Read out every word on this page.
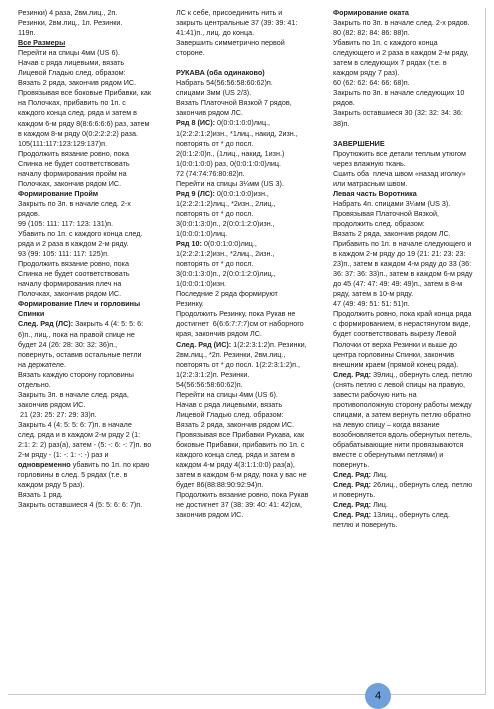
Резинки) 4 раза, 2вм.лиц., 2п.

Резинки, 2вм.лиц., 1п. Резинки.

119п.

Все Размеры

Перейти на спицы 4мм (US 6).

Начав с ряда лицевыми, вязать

Лицевой Гладью след. образом:

Вязать 2 ряда, закончив рядом ИС.

Провязывая все боковые Прибавки, как

на Полочках, прибавить по 1п. с

каждого конца след. ряда и затем в

каждом 6-м ряду 8(8:6:6:6:6) раз, затем

в каждом 8-м ряду 0(0:2:2:2:2) раза.

105(111:117:123:129:137)п.

Продолжить вязание ровно, пока

Спинка не будет соответствовать

началу формирования пройм на

Полочках, закончив рядом ИС.

Формирование Пройм

Закрыть по 3п. в начале след. 2-х

рядов.

99 (105: 111: 117: 123: 131)п.

Убавить по 1п. с каждого конца след.

ряда и 2 раза в каждом 2-м ряду.

93 (99: 105: 111: 117: 125)п.

Продолжить вязание ровно, пока

Спинка не будет соответствовать

началу формирования плеч на

Полочках, закончив рядом ИС.

Формирование Плеч и горловины

Спинки

След. Ряд (ЛС): Закрыть 4 (4: 5: 5: 6:

6)п., лиц., пока на правой спице не

будет 24 (26: 28: 30: 32: 36)п.,

повернуть, оставив остальные петли

на держателе.

Вязать каждую сторону горловины

отдельно.

Закрыть 3п. в начале след. ряда,

закончив рядом ИС.

21 (23: 25: 27: 29: 33)п.

Закрыть 4 (4: 5: 5: 6: 7)п. в начале

след. ряда и в каждом 2-м ряду 2 (1:

2:1: 2: 2) раз(а), затем - (5: -: 6: -: 7)п. во

2-м ряду - (1: -: 1: -: -) раз и

одновременно убавить по 1п. по краю

горловины в след. 5 рядах (т.е. в

каждом ряду 5 раз).

Вязать 1 ряд.

Закрыть оставшиеся 4 (5: 5: 6: 6: 7)п.

ЛС к себе, присоединить нить и

закрыть центральные 37 (39: 39: 41:

41:41)п., лиц. до конца.

Завершить симметрично первой

стороне.

РУКАВА (оба одинаково)

Набрать 54(56:56:58:60:62)п.

спицами 3мм (US 2/3).

Вязать Платочной Вязкой 7 рядов,

закончив рядом ЛС.

Ряд 8 (ИС): 0(0:0:1:0:0)лиц.,

1(2:2:2:1:2)изн., *1лиц., накид, 2изн.,

повторять от * до посл.

2(0:1:2:0)п., (1лиц., накид, 1изн.)

1(0:0:1:0:0) раз, 0(0:0:1:0:0)лиц.

72 (74:74:76:80:82)п.

Перейти на спицы 3¼мм (US 3).

Ряд 9 (ЛС): 0(0:0:1:0:0)изн.,

1(2:2:2:1:2)лиц., *2изн., 2лиц.,

повторять от * до посл.

3(0:0:1:3:0)п., 2(0:0:1:2:0)изн.,

1(0:0:0:1:0)лиц.

Ряд 10: 0(0:0:1:0:0)лиц.,

1(2:2:2:1:2)изн., *2лиц., 2изн.,

повторять от * до посл.

3(0:0:1:3:0)п., 2(0:0:1:2:0)лиц.,

1(0:0:0:1:0)изн.

Последние 2 ряда формируют

Резинку.

Продолжить Резинку, пока Рукав не

достигнет  6(6:6:7:7:7)см от наборного

края, закончив рядом ЛС.

След. Ряд (ИС): 1(2:2:3:1:2)п. Резинки,

2вм.лиц., *2п. Резинки, 2вм.лиц.,

повторять от * до посл. 1(2:2:3:1:2)п.,

1(2:2:3:1:2)п. Резинки.

54(56:56:58:60:62)п.

Перейти на спицы 4мм (US 6).

Начав с ряда лицевыми, вязать

Лицевой Гладью след. образом:

Вязать 2 ряда, закончив рядом ИС.

Провязывая все Прибавки Рукава, как

боковые Прибавки, прибавить по 1п. с

каждого конца след. ряда и затем в

каждом 4-м ряду 4(3:1:1:0:0) раз(а),

затем в каждом 6-м ряду, пока у вас не

будет 86(88:88:90:92:94)п.

Продолжить вязание ровно, пока Рукав

не достигнет 37 (38: 39: 40: 41: 42)см,

закончив рядом ИС.

Формирование оката

Закрыть по 3п. в начале след. 2-х рядов.

80 (82: 82: 84: 86: 88)п.

Убавить по 1п. с каждого конца

следующего и 2 раза в каждом 2-м ряду,

затем в следующих 7 рядах (т.е. в

каждом ряду 7 раз).

60 (62: 62: 64: 66: 68)п.

Закрыть по 3п. в начале следующих 10

рядов.

Закрыть оставшиеся 30 (32: 32: 34: 36:

38)п.

ЗАВЕРШЕНИЕ

Проутюжить все детали теплым утюгом

через влажную ткань.

Сшить оба  плеча швом «назад иголку»

или матрасным швом.

Левая часть Воротника

Набрать 4п. спицами 3¼мм (US 3).

Провязывая Платочной Вязкой,

продолжить след. образом:

Вязать 2 ряда, закончив рядом ЛС.

Прибавить по 1п. в начале следующего и

в каждом 2-м ряду до 19 (21: 21: 23: 23:

23)п., затем в каждом 4-м ряду до 33 (36:

36: 37: 36: 33)п., затем в каждом 6-м ряду

до 45 (47: 47: 49: 49: 49)п., затем в 8-м

ряду, затем в 10-м ряду.

47 (49: 49: 51: 51: 51)п.

Продолжить ровно, пока край конца ряда

с формированием, в нерастянутом виде,

будет соответствовать вырезу Левой

Полочки от верха Резинки и выше до

центра горловины Спинки, закончив

внешним краем (прямой конец ряда).

След. Ряд: 39лиц., обернуть след. петлю

(снять петлю с левой спицы на правую,

завести рабочую нить на

противоположную сторону работы между

спицами, а затем вернуть петлю обратно

на левую спицу – когда вязание

возобновляется вдоль обернутых петель,

обрабатывающие нити провязываются

вместе с обернутыми петлями) и

повернуть.

След. Ряд: Лиц.

След. Ряд: 26лиц., обернуть след. петлю

и повернуть.

След. Ряд: Лиц.

След. Ряд: 13лиц., обернуть след.

петлю и повернуть.

4
